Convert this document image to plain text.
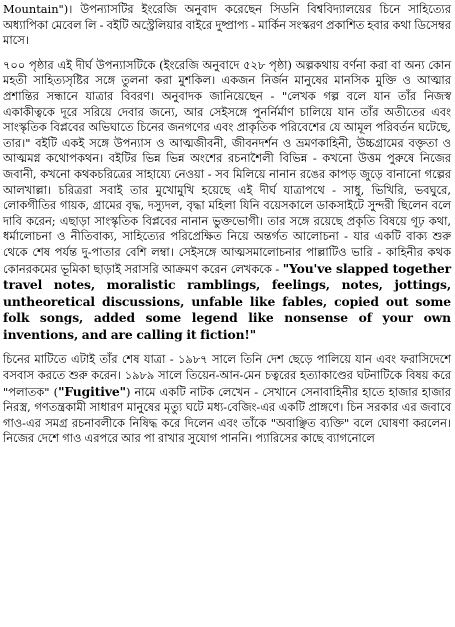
Mountain")। উপন্যাসটির ইংরেজি অনুবাদ করেছেন সিডনি বিশ্ববিদ্যালয়ের চিনে সাহিত্যের অধ্যাপিকা মেবেল লি - বইটি অস্ট্রেলিয়ার বাইরে দুষ্প্রাপ্য - মার্কিন সংস্করণ প্রকাশিত হবার কথা ডিসেম্বর মাসে।

৭০০ পৃষ্ঠার এই দীর্ঘ উপন্যাসটিকে (ইংরেজি অনুবাদে ৫২৮ পৃষ্ঠা) অল্পকথায় বর্ণনা করা বা অন্য কোন মহতী সাহিত্যসৃষ্টির সঙ্গে তুলনা করা মুশকিল। একজন নির্জন মানুষের মানসিক মুক্তি ও আত্মার প্রশান্তির সন্ধানে যাত্রার বিবরণ। অনুবাদক জানিয়েছেন - "লেখক গল্প বলে যান তাঁর নিজস্ব একাকীত্বকে দূরে সরিয়ে দেবার জন্যে, আর সেইসঙ্গে পুনর্নির্মাণ চালিয়ে যান তাঁর অতীতের এবং সাংস্কৃতিক বিপ্লবের অভিঘাতে চিনের জনগণের এবং প্রাকৃতিক পরিবেশের যে আমূল পরিবর্তন ঘটেছে, তার।" বইটি একই সঙ্গে উপন্যাস ও আত্মজীবনী, জীবনদর্শন ও ভ্রমণকাহিনী, উচ্চগ্রামের বক্তৃতা ও আত্মমগ্ন কথোপকথন। বইটির ভিন্ন ভিন্ন অংশের রচনাশৈলী বিভিন্ন - কখনো উত্তম পুরুষে নিজের জবানী, কখনো কথকচরিত্রের সাহায্যে নেওয়া - সব মিলিয়ে নানান রঙের কাপড় জুড়ে বানানো গল্পের আলখাল্লা। চরিত্ররা সবাই তার মুখোমুখি হয়েছে এই দীর্ঘ যাত্রাপথে - সাধু, ভিখিরি, ভবঘুরে, লোকগীতির গায়ক, গ্রামের বৃদ্ধ, দস্যুদল, বৃদ্ধা মহিলা যিনি বয়েসকালে ডাকসাইটে সুন্দরী ছিলেন বলে দাবি করেন; এছাড়া সাংস্কৃতিক বিপ্লবের নানান ভুক্তভোগী। তার সঙ্গে রয়েছে প্রকৃতি বিষয়ে গূঢ় কথা, ধর্মালোচনা ও নীতিবাক্য, সাহিত্যের পরিপ্রেক্ষিত নিয়ে অন্তর্গত আলোচনা - যার একটি বাক্য শুরু থেকে শেষ পর্যন্ত দু-পাতার বেশি লম্বা। সেইসঙ্গে আত্মসমালোচনার পাল্লাটিও ভারি - কাহিনীর কথক কোনরকমের ভূমিকা ছাড়াই সরাসরি আক্রমণ করেন লেখককে - "You've slapped together travel notes, moralistic ramblings, feelings, notes, jottings, untheoretical discussions, unfable like fables, copied out some folk songs, added some legend like nonsense of your own inventions, and are calling it fiction!"

চিনের মাটিতে এটাই তাঁর শেষ যাত্রা - ১৯৮৭ সালে তিনি দেশ ছেড়ে পালিয়ে যান এবং ফরাসিদেশে বসবাস করতে শুরু করেন। ১৯৮৯ সালে তিয়েন-আন-মেন চত্বরের হত্যাকাণ্ডের ঘটনাটিকে বিষয় করে "পলাতক" ("Fugitive") নামে একটি নাটক লেখেন - সেখানে সেনাবাহিনীর হাতে হাজার হাজার নিরস্ত্র, গণতন্ত্রকামী সাধারণ মানুষের মৃত্যু ঘটে মধ্য-বেজিং-এর একটি প্রাঙ্গণে। চিন সরকার এর জবাবে গাও-এর সমগ্র রচনাবলীকে নিষিদ্ধ করে দিলেন এবং তাঁকে "অবাঞ্ছিত ব্যক্তি" বলে ঘোষণা করলেন। নিজের দেশে গাও এরপরে আর পা রাখার সুযোগ পাননি। প্যারিসের কাছে ব্যাগনোলে
